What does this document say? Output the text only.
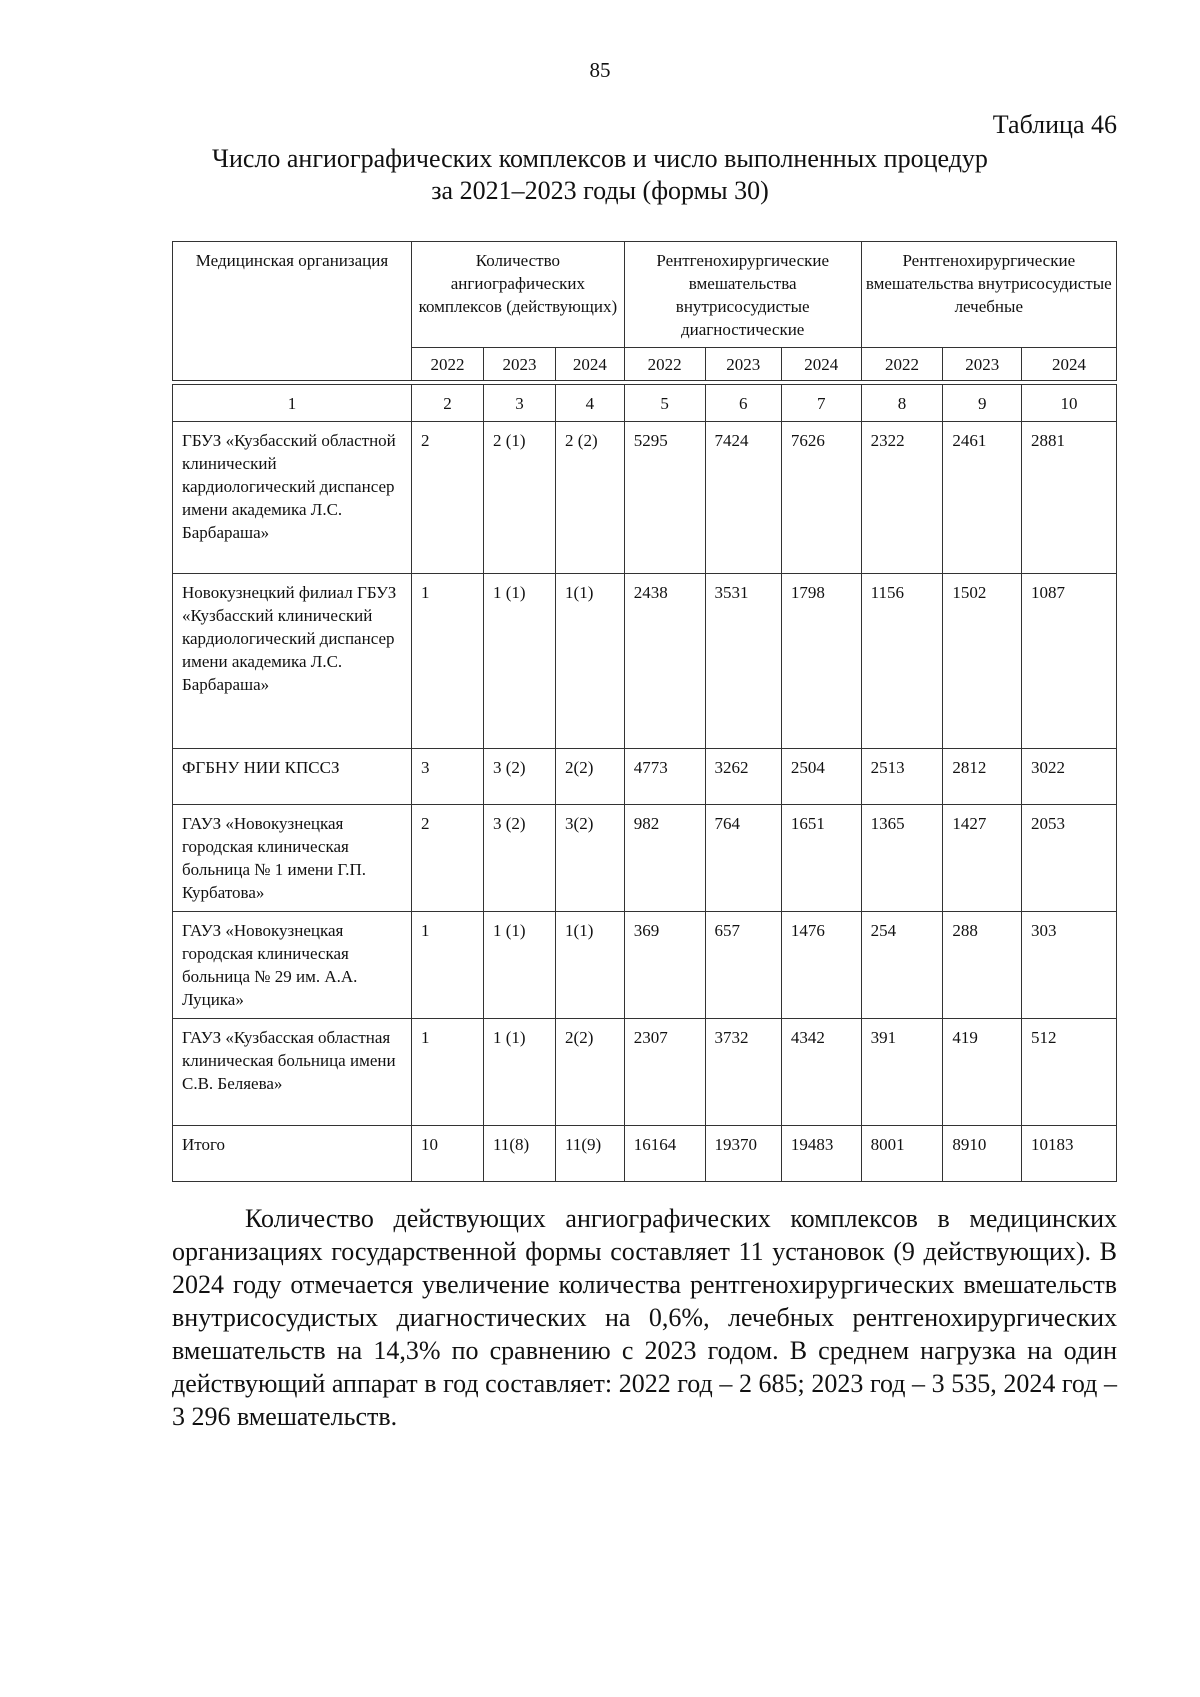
85
Таблица 46
Число ангиографических комплексов и число выполненных процедур
за 2021–2023 годы (формы 30)
Медицинская организация	Количество ангиографических комплексов (действующих)			Рентгенохирургические вмешательства внутрисосудистые диагностические			Рентгенохирургические вмешательства внутрисосудистые лечебные		
	2022	2023	2024	2022	2023	2024	2022	2023	2024
1	2	3	4	5	6	7	8	9	10
ГБУЗ «Кузбасский областной клинический кардиологический диспансер имени академика Л.С. Барбараша»	2	2 (1)	2 (2)	5295	7424	7626	2322	2461	2881
Новокузнецкий филиал ГБУЗ «Кузбасский клинический кардиологический диспансер имени академика Л.С. Барбараша»	1	1 (1)	1(1)	2438	3531	1798	1156	1502	1087
ФГБНУ НИИ КПССЗ	3	3 (2)	2(2)	4773	3262	2504	2513	2812	3022
ГАУЗ «Новокузнецкая городская клиническая больница № 1 имени Г.П. Курбатова»	2	3 (2)	3(2)	982	764	1651	1365	1427	2053
ГАУЗ «Новокузнецкая городская клиническая больница № 29 им. А.А. Луцика»	1	1 (1)	1(1)	369	657	1476	254	288	303
ГАУЗ «Кузбасская областная клиническая больница имени С.В. Беляева»	1	1 (1)	2(2)	2307	3732	4342	391	419	512
Итого	10	11(8)	11(9)	16164	19370	19483	8001	8910	10183

Количество действующих ангиографических комплексов в медицинских организациях государственной формы составляет 11 установок (9 действующих). В 2024 году отмечается увеличение количества рентгенохирургических вмешательств внутрисосудистых диагностических на 0,6%, лечебных рентгенохирургических вмешательств на 14,3% по сравнению с 2023 годом. В среднем нагрузка на один действующий аппарат в год составляет: 2022 год – 2 685; 2023 год – 3 535, 2024 год – 3 296 вмешательств.
